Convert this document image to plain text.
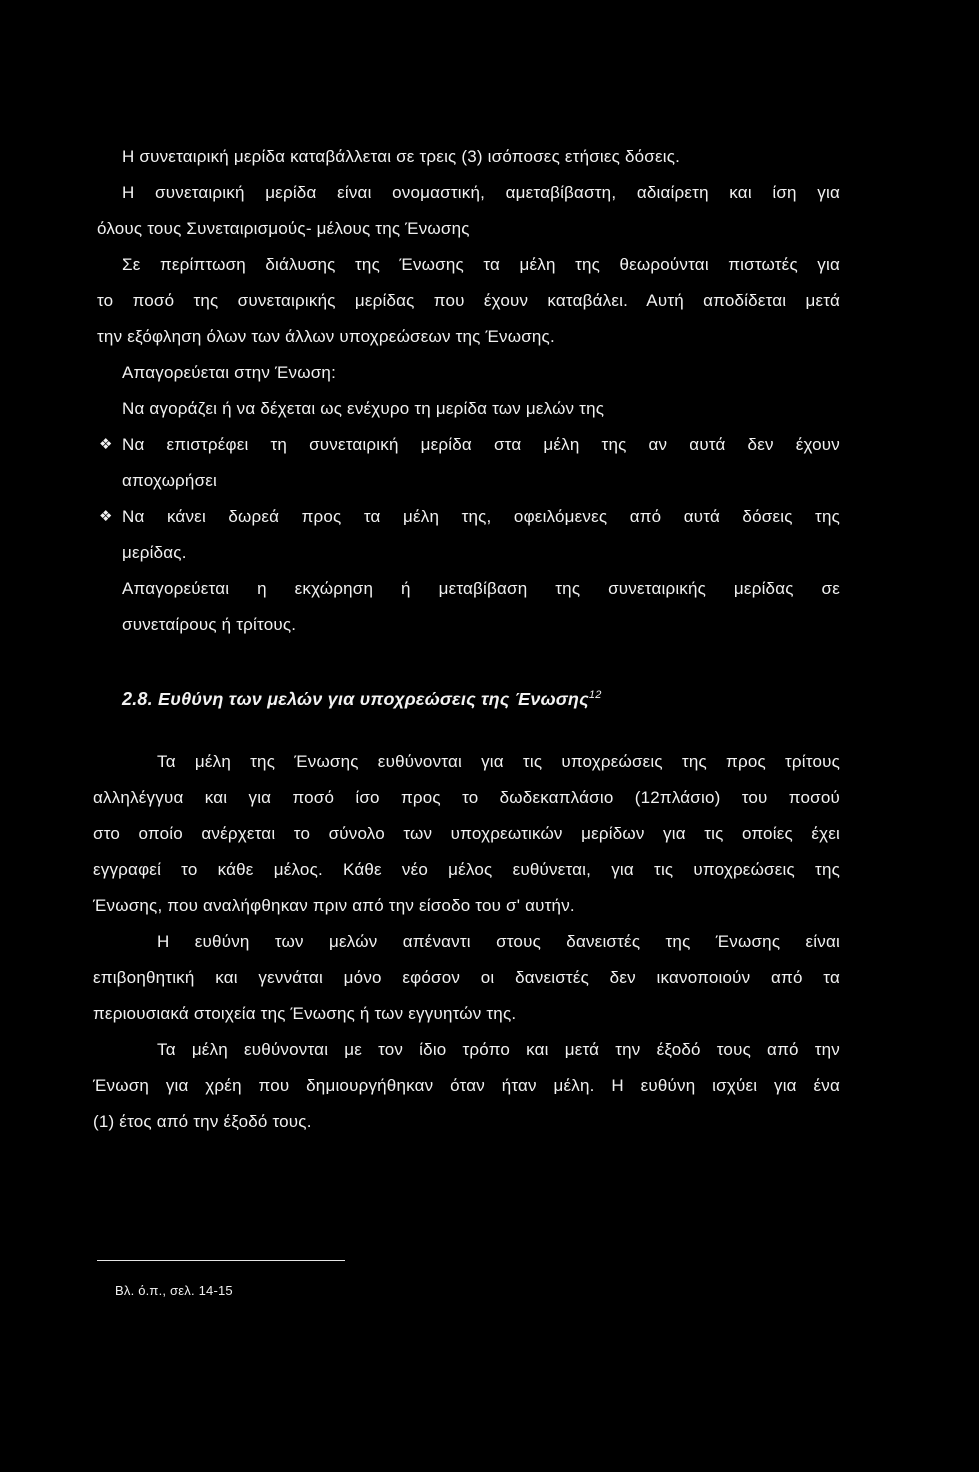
Η συνεταιρική μερίδα καταβάλλεται σε τρεις (3) ισόποσες ετήσιες δόσεις.
Η συνεταιρική μερίδα είναι ονομαστική, αμεταβίβαστη, αδιαίρετη και ίση για
όλους τους Συνεταιρισμούς- μέλους της Ένωσης
Σε περίπτωση διάλυσης της Ένωσης τα μέλη της θεωρούνται πιστωτές για
το ποσό της συνεταιρικής μερίδας που έχουν καταβάλει. Αυτή αποδίδεται μετά
την εξόφληση όλων των άλλων υποχρεώσεων της Ένωσης.
Απαγορεύεται στην Ένωση:
Να αγοράζει ή να δέχεται ως ενέχυρο τη μερίδα των μελών της
❖ Να επιστρέφει τη συνεταιρική μερίδα στα μέλη της αν αυτά δεν έχουν
αποχωρήσει
❖ Να κάνει δωρεά προς τα μέλη της, οφειλόμενες από αυτά δόσεις της
μερίδας.
Απαγορεύεται η εκχώρηση ή μεταβίβαση της συνεταιρικής μερίδας σε
συνεταίρους ή τρίτους.
2.8. Ευθύνη των μελών για υποχρεώσεις της Ένωσης$^{12}$
Τα μέλη της Ένωσης ευθύνονται για τις υποχρεώσεις της προς τρίτους
αλληλέγγυα και για ποσό ίσο προς το δωδεκαπλάσιο (12πλάσιο) του ποσού
στο οποίο ανέρχεται το σύνολο των υποχρεωτικών μερίδων για τις οποίες έχει
εγγραφεί το κάθε μέλος. Κάθε νέο μέλος ευθύνεται, για τις υποχρεώσεις της
Ένωσης, που αναλήφθηκαν πριν από την είσοδο του σ' αυτήν.
Η ευθύνη των μελών απέναντι στους δανειστές της Ένωσης είναι
επιβοηθητική και γεννάται μόνο εφόσον οι δανειστές δεν ικανοποιούν από τα
περιουσιακά στοιχεία της Ένωσης ή των εγγυητών της.
Τα μέλη ευθύνονται με τον ίδιο τρόπο και μετά την έξοδό τους από την
Ένωση για χρέη που δημιουργήθηκαν όταν ήταν μέλη. Η ευθύνη ισχύει για ένα
(1) έτος από την έξοδό τους.
Βλ. ό.π., σελ. 14-15
